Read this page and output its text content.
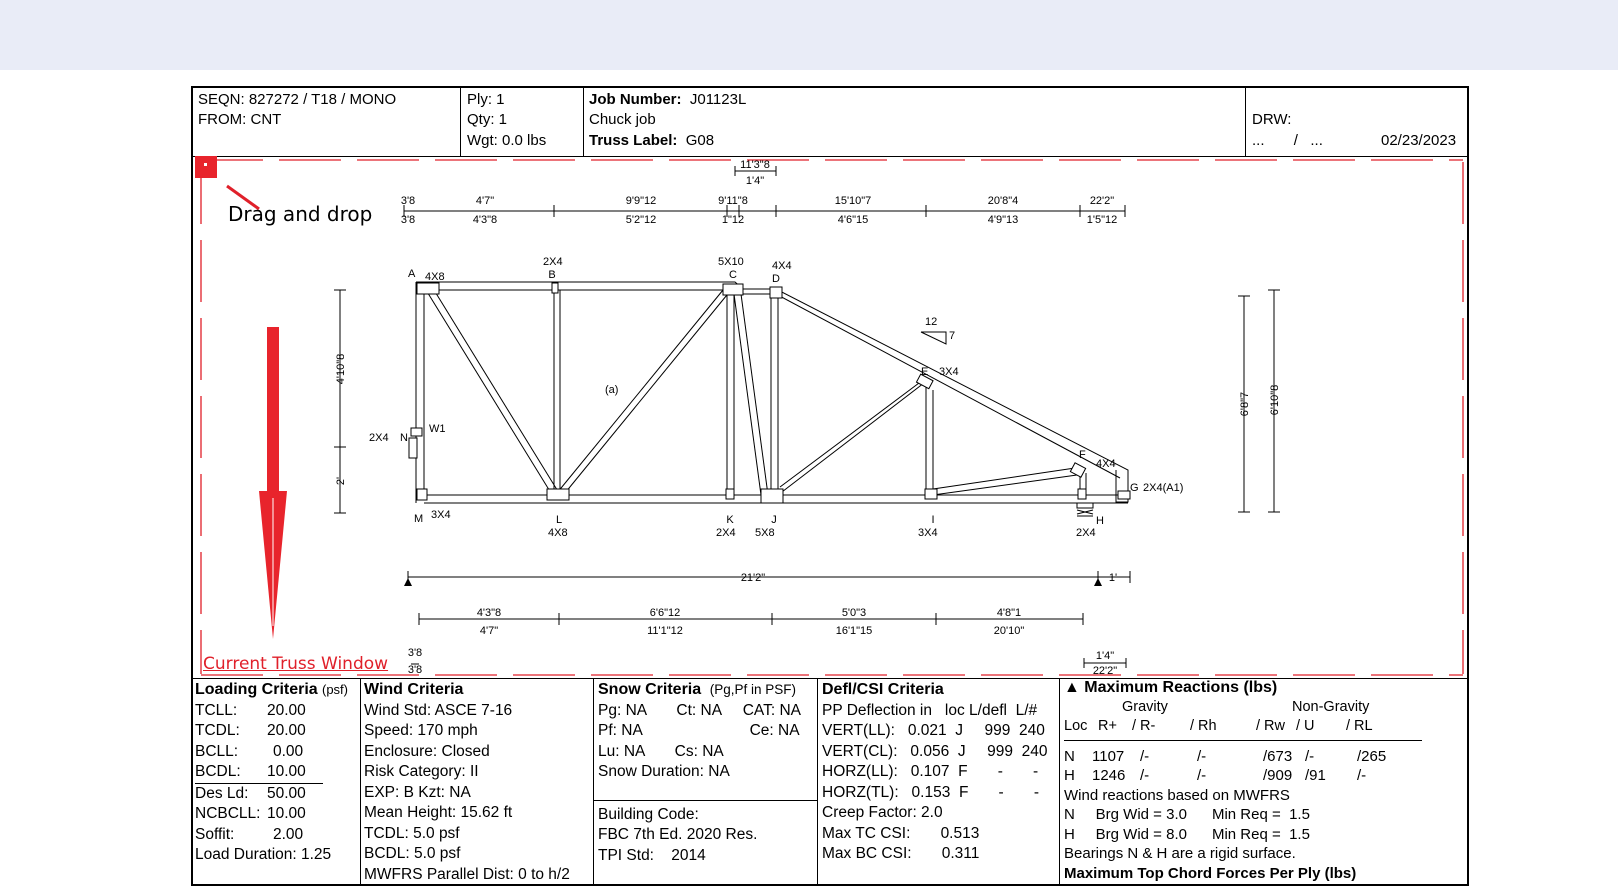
SEQN: 827272 / T18 / MONO
FROM: CNT
Ply: 1
Qty: 1
Wgt: 0.0 lbs
Job Number: J01123L
Chuck job
Truss Label: G08
DRW:
... / ...	02/23/2023
3'8	4'7"	9'9"12	9'11"8	15'10"7	20'8"4	22'2"
3'8	4'3"8	5'2"12	1"12	4'6"15	4'9"13	1'5"12
11'3"8
1'4"
A 4X8	B
2X4
C
5X10
D
4X4
E 3X4
F
4X4
G 2X4(A1)
H
2X4
I
3X4
J
5X8
K
2X4
L
4X8
M 3X4
N
2X4
W1
(a)
12
7
4'10"8
2'
6'8"7 6'10"8
21'2"	1'
4'3"8	6'6"12	5'0"3	4'8"1
4'7"	11'1"12	16'1"15	20'10"
3'8
3'8
1'4"
22'2"
Drag and drop
Current Truss Window
Loading Criteria
(psf)
TCLL:	20.00
TCDL:	20.00
BCLL:	0.00
BCDL:	10.00
Des Ld:	50.00
NCBCLL: 10.00
Soffit:	2.00
Load Duration:
1.25
Wind Criteria
Wind Std: ASCE 7-16
Speed: 170 mph
Enclosure: Closed
Risk Category: II
EXP: B Kzt: NA
Mean Height: 15.62 ft
TCDL: 5.0 psf
BCDL: 5.0 psf
MWFRS Parallel Dist: 0 to h/2
Snow Criteria
(Pg,Pf in PSF)
Pg: NA       Ct: NA     CAT: NA
Pf: NA                         Ce: NA
Lu: NA       Cs: NA
Snow Duration: NA
Building Code:
FBC 7th Ed. 2020 Res.
TPI Std:    2014
Defl/CSI Criteria
PP Deflection in   loc L/defl  L/#
VERT(LL):   0.021  J     999  240
VERT(CL):   0.056  J     999  240
HORZ(LL):   0.107  F       -       -
HORZ(TL):   0.153  F       -       -
Creep Factor: 2.0
Max TC CSI:       0.513
Max BC CSI:       0.311
▲ Maximum Reactions (lbs)
Gravity	Non-Gravity
Loc R+	/ R-	/ Rh	/ Rw / U	/ RL
N	1107	/-	/-	/673 /-	/265
H	1246 /-	/-	/909 /91	/-
Wind reactions based on MWFRS
N     Brg Wid = 3.0      Min Req =  1.5
H     Brg Wid = 8.0      Min Req =  1.5
Bearings N & H are a rigid surface.
Maximum Top Chord Forces Per Ply (lbs)
